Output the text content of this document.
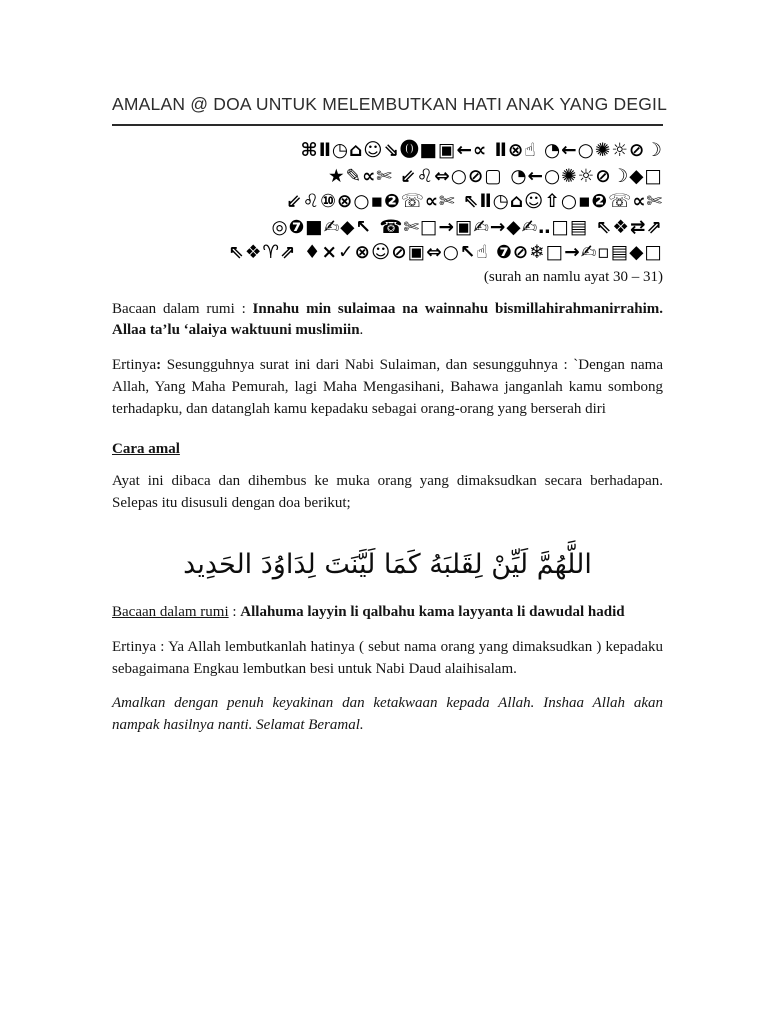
AMALAN @ DOA UNTUK MELEMBUTKAN HATI ANAK YANG DEGIL
⌘Ⅱ◷⌂☺⇘⓿■▣←∝ Ⅱ⊗☝ ◔←○✺☼⊘☽
★✎∝✄ ⇙♌⇔○⊘▢ ◔←○✺☼⊘☽◆□
⇙♌⑩⊗○▪❷☏∝✄ ⇖Ⅱ◷⌂☺⇧○▪❷☏∝✄
◎❼■✍◆↖ ☎✄□→▣✍→◆✍‥□▤ ⇖❖⇄⇗
⇖❖♈⇗ ♦×✓⊗☺⊘▣⇔○↖☝ ❼⊘❄□→✍▫▤◆□
(surah an namlu ayat 30 – 31)

Bacaan dalam rumi : Innahu min sulaimaa na wainnahu bismillahirahmanirrahim. Allaa ta’lu ‘alaiya waktuuni muslimiin.

Ertinya: Sesungguhnya surat ini dari Nabi Sulaiman, dan sesungguhnya : `Dengan nama Allah, Yang Maha Pemurah, lagi Maha Mengasihani, Bahawa janganlah kamu sombong terhadapku, dan datanglah kamu kepadaku sebagai orang-orang yang berserah diri

Cara amal

Ayat ini dibaca dan dihembus ke muka orang yang dimaksudkan secara berhadapan. Selepas itu disusuli dengan doa berikut;

اللَّهُمَّ لَيِّنْ لِقَلبَهُ كَمَا لَيَّنَتَ لِدَاوُدَ الحَدِيد

Bacaan dalam rumi : Allahuma layyin li qalbahu kama layyanta li dawudal hadid

Ertinya : Ya Allah lembutkanlah hatinya ( sebut nama orang yang dimaksudkan ) kepadaku sebagaimana Engkau lembutkan besi untuk Nabi Daud alaihisalam.

Amalkan dengan penuh keyakinan dan ketakwaan kepada Allah. Inshaa Allah akan nampak hasilnya nanti. Selamat Beramal.
